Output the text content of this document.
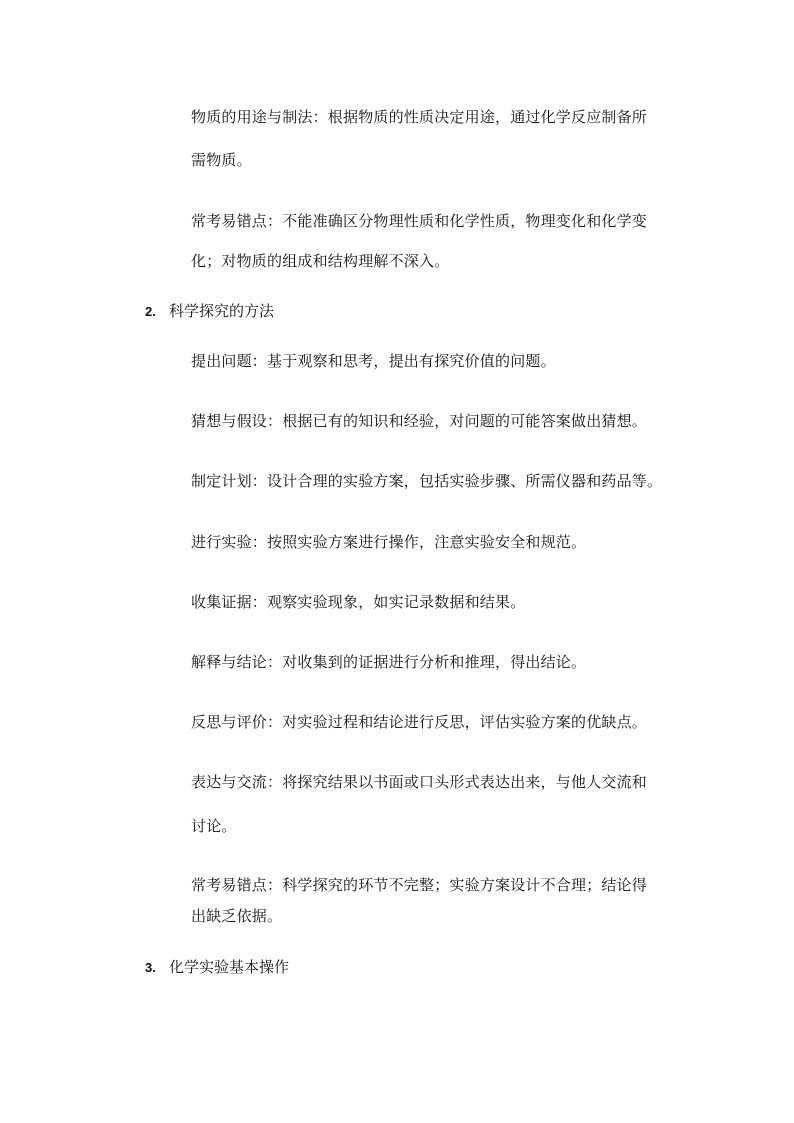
物质的用途与制法：根据物质的性质决定用途，通过化学反应制备所

需物质。

常考易错点：不能准确区分物理性质和化学性质，物理变化和化学变

化；对物质的组成和结构理解不深入。

2. 科学探究的方法

提出问题：基于观察和思考，提出有探究价值的问题。

猜想与假设：根据已有的知识和经验，对问题的可能答案做出猜想。

制定计划：设计合理的实验方案，包括实验步骤、所需仪器和药品等。

进行实验：按照实验方案进行操作，注意实验安全和规范。

收集证据：观察实验现象，如实记录数据和结果。

解释与结论：对收集到的证据进行分析和推理，得出结论。

反思与评价：对实验过程和结论进行反思，评估实验方案的优缺点。

表达与交流：将探究结果以书面或口头形式表达出来，与他人交流和

讨论。

常考易错点：科学探究的环节不完整；实验方案设计不合理；结论得

出缺乏依据。

3. 化学实验基本操作
